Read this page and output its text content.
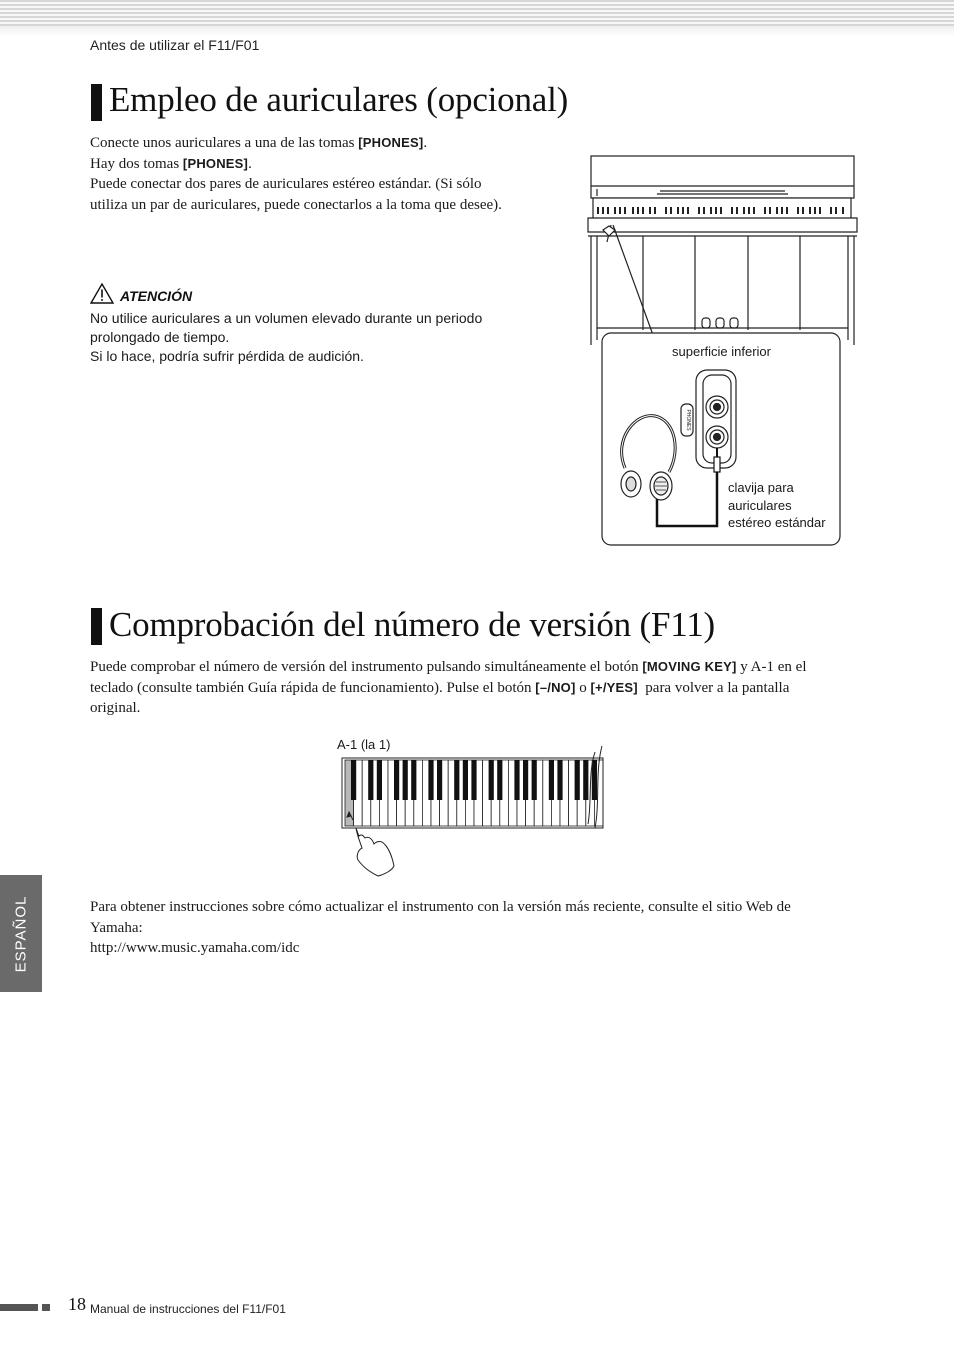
Antes de utilizar el F11/F01
Empleo de auriculares (opcional)
Conecte unos auriculares a una de las tomas [PHONES].
Hay dos tomas [PHONES].
Puede conectar dos pares de auriculares estéreo estándar. (Si sólo
utiliza un par de auriculares, puede conectarlos a la toma que desee).
ATENCIÓN
No utilice auriculares a un volumen elevado durante un periodo
prolongado de tiempo.
Si lo hace, podría sufrir pérdida de audición.
PHONES
superficie inferior
clavija para
auriculares
estéreo estándar
Comprobación del número de versión (F11)
Puede comprobar el número de versión del instrumento pulsando simultáneamente el botón [MOVING KEY] y A-1 en el
teclado (consulte también Guía rápida de funcionamiento). Pulse el botón [–/NO] o [+/YES]  para volver a la pantalla
original.
A-1 (la 1)
Para obtener instrucciones sobre cómo actualizar el instrumento con la versión más reciente, consulte el sitio Web de
Yamaha:
http://www.music.yamaha.com/idc
ESPAÑOL
18 Manual de instrucciones del F11/F01
